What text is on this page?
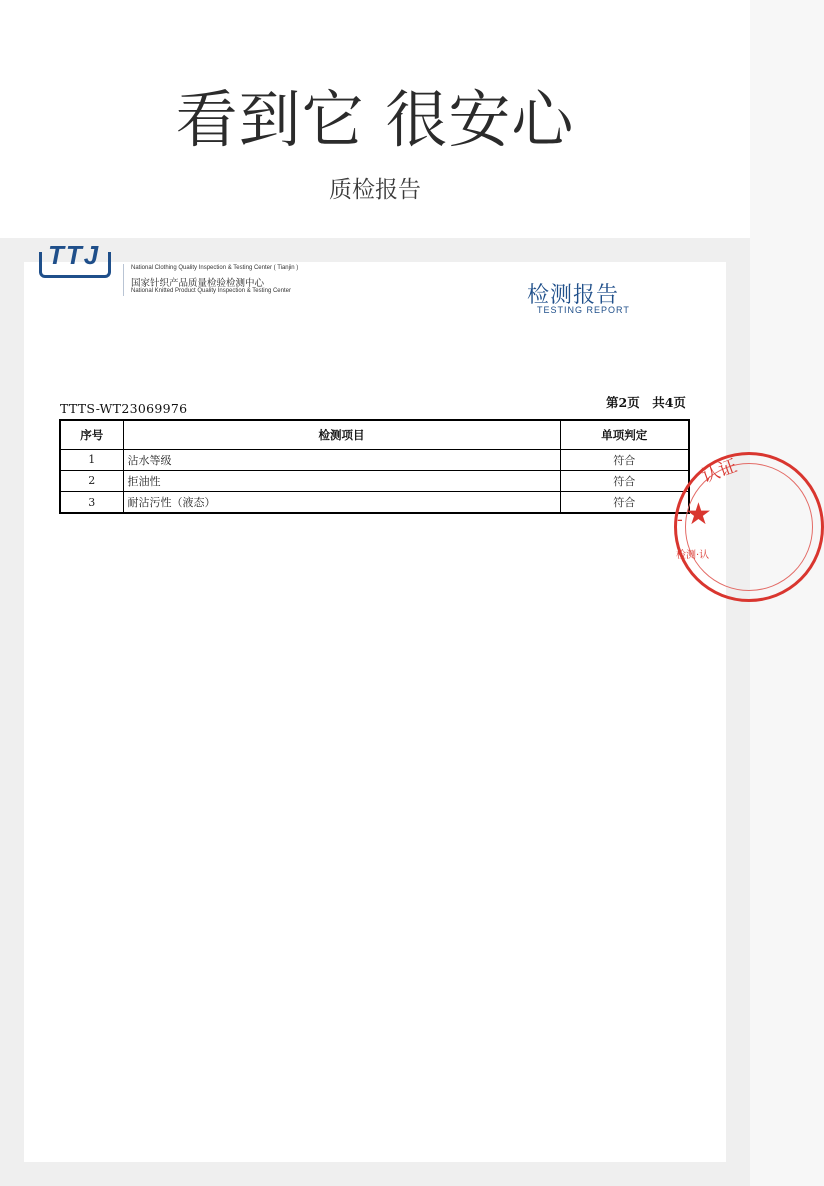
看到它 很安心
质检报告
TTJ	National Clothing Quality Inspection & Testing Center ( Tianjin )
国家针织产品质量检验检测中心
National Knitted Product Quality Inspection & Testing Center	检测报告
TESTING REPORT
TTTS-WT23069976	第2页　共4页
序号	检测项目	单项判定
1	沾水等级	符合
2	拒油性	符合
3	耐沾污性（液态）	符合
认证
- ★
检测·认
